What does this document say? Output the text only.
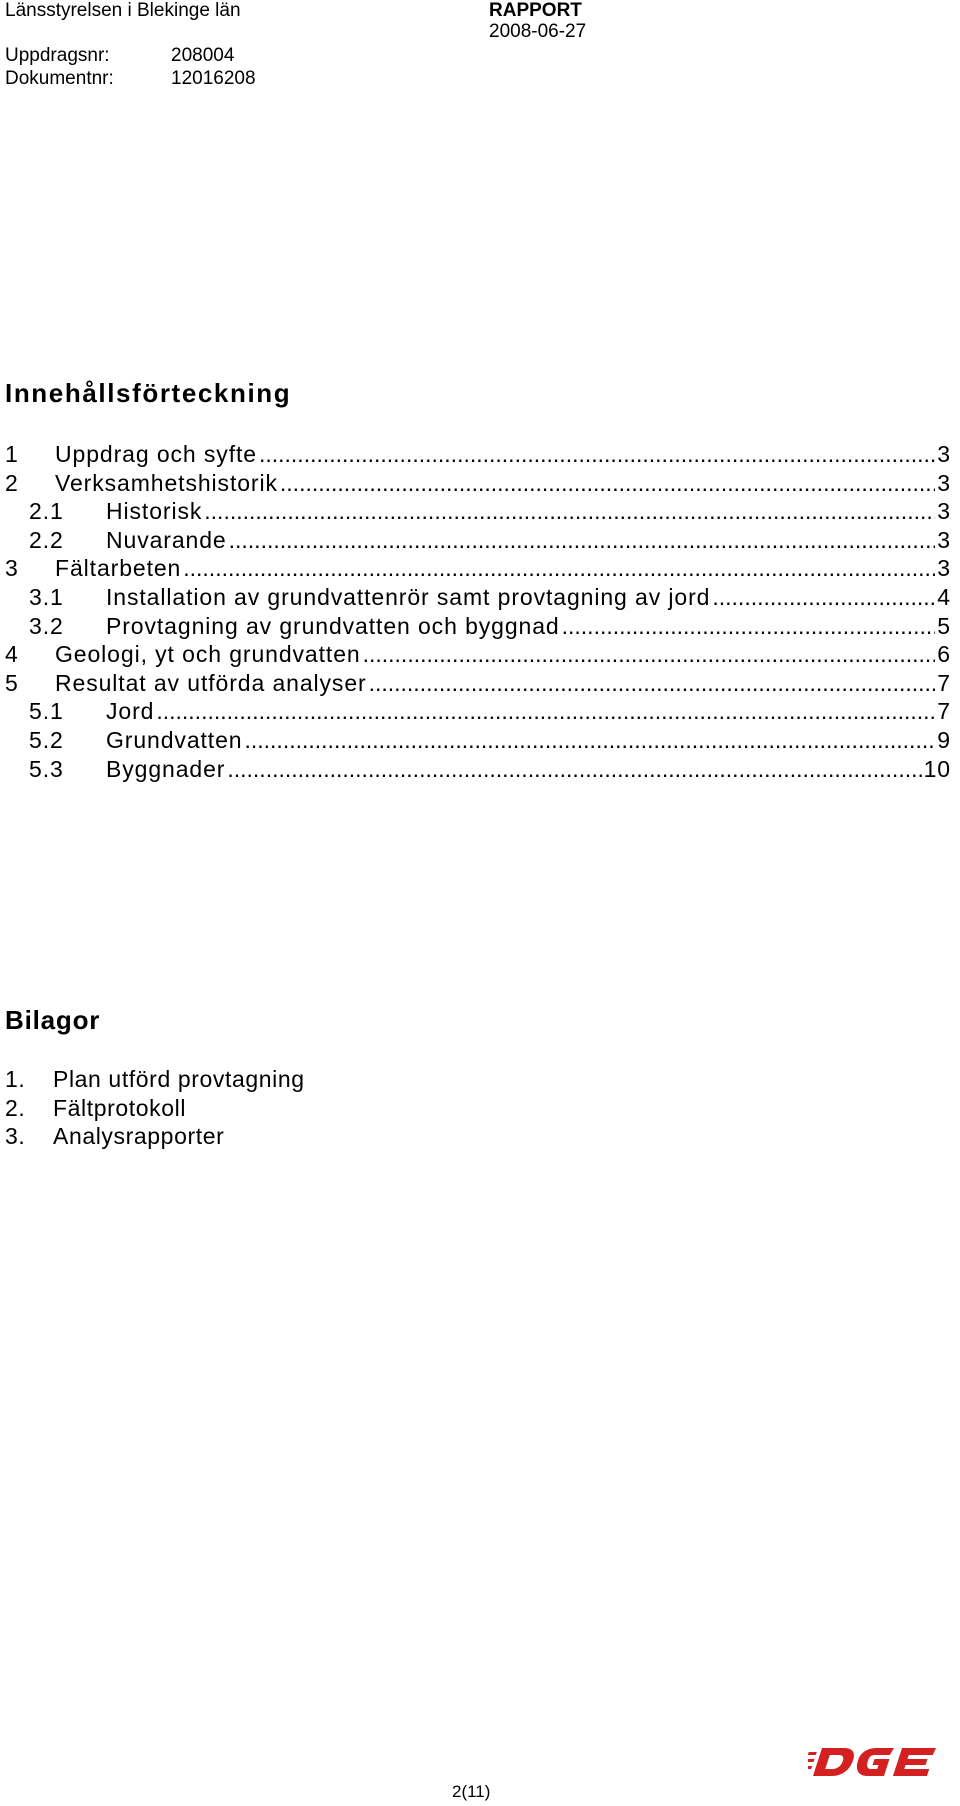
Länsstyrelsen i Blekinge län	RAPPORT
2008-06-27
Uppdragsnr:	208004
Dokumentnr:	12016208
Innehållsförteckning
1	Uppdrag och syfte .....	3
2	Verksamhetshistorik .....	3
2.1	Historisk .....	3
2.2	Nuvarande .....	3
3	Fältarbeten .....	3
3.1	Installation av grundvattenrör samt provtagning av jord .....	4
3.2	Provtagning av grundvatten och byggnad .....	5
4	Geologi, yt och grundvatten .....	6
5	Resultat av utförda analyser .....	7
5.1	Jord .....	7
5.2	Grundvatten .....	9
5.3	Byggnader .....	10
Bilagor
1.	Plan utförd provtagning
2.	Fältprotokoll
3.	Analysrapporter
2(11)
